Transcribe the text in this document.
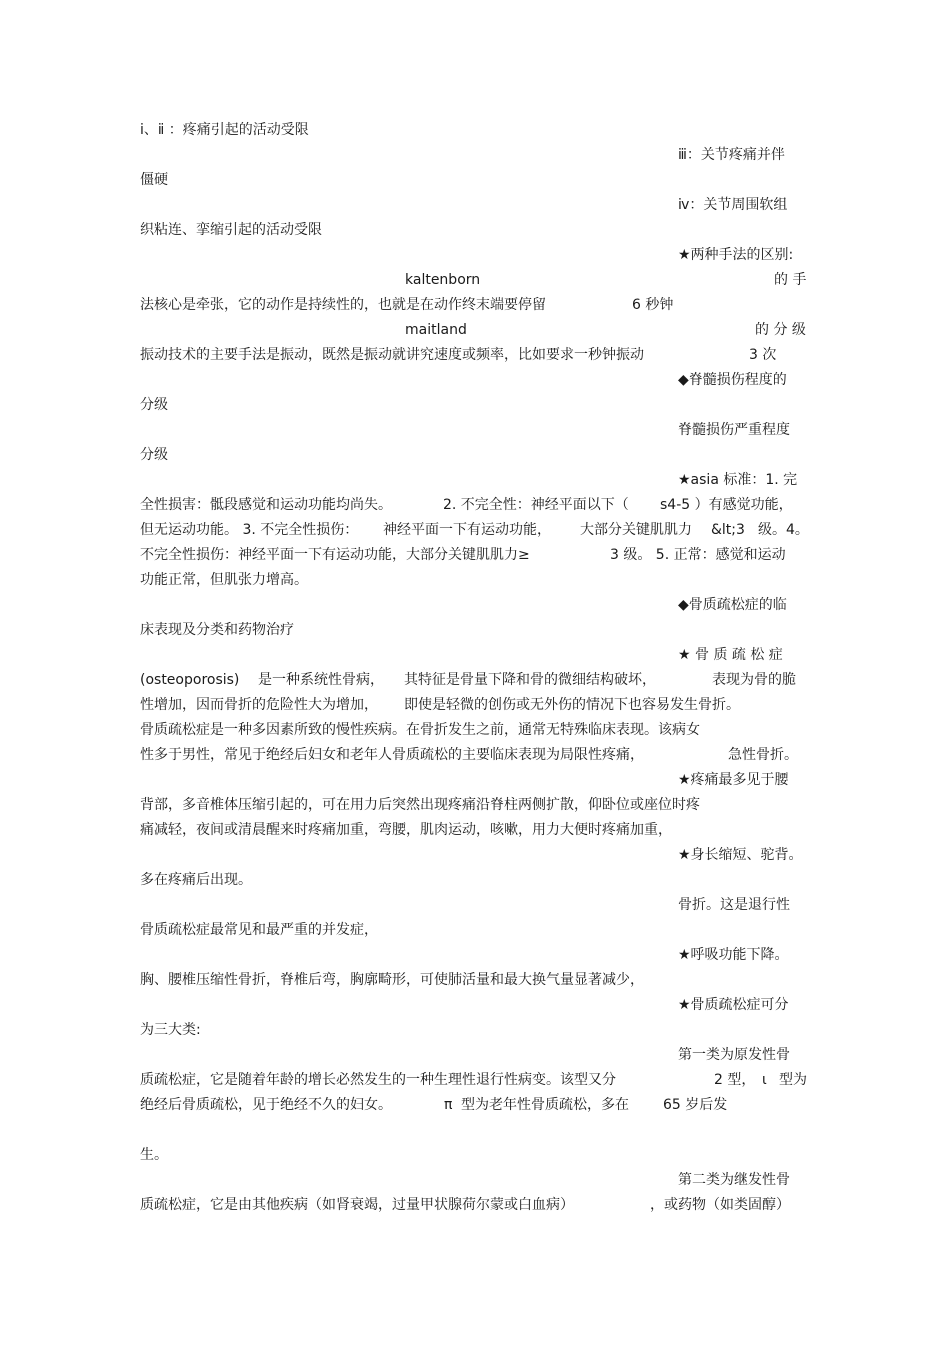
ⅰ、ⅱ ：疼痛引起的活动受限
ⅲ：关节疼痛并伴
僵硬
ⅳ：关节周围软组
织粘连、挛缩引起的活动受限
★两种手法的区别:
kaltenborn	的 手
法核心是牵张，它的动作是持续性的，也就是在动作终末端要停留	6 秒钟
maitland	的 分 级
振动技术的主要手法是振动，既然是振动就讲究速度或频率，比如要求一秒钟振动	3 次
◆脊髓损伤程度的
分级
脊髓损伤严重程度
分级
★asia 标准：1. 完
全性损害：骶段感觉和运动功能均尚失。	2. 不完全性：神经平面以下（ s4-5 ）有感觉功能，
但无运动功能。 3. 不完全性损伤： 神经平面一下有运动功能， 大部分关键肌肌力 &lt;3 级。4。
不完全性损伤：神经平面一下有运动功能，大部分关键肌肌力≥	3 级。 5. 正常：感觉和运动
功能正常，但肌张力增高。
◆骨质疏松症的临
床表现及分类和药物治疗
★ 骨 质 疏 松 症
(osteoporosis) 是一种系统性骨病， 其特征是骨量下降和骨的微细结构破坏，	表现为骨的脆
性增加，因而骨折的危险性大为增加， 即使是轻微的创伤或无外伤的情况下也容易发生骨折。
骨质疏松症是一种多因素所致的慢性疾病。在骨折发生之前，通常无特殊临床表现。该病女
性多于男性，常见于绝经后妇女和老年人骨质疏松的主要临床表现为局限性疼痛，	急性骨折。
★疼痛最多见于腰
背部，多音椎体压缩引起的，可在用力后突然出现疼痛沿脊柱两侧扩散，仰卧位或座位时疼
痛减轻，夜间或清晨醒来时疼痛加重，弯腰，肌肉运动，咳嗽，用力大便时疼痛加重，
★身长缩短、驼背。
多在疼痛后出现。
骨折。这是退行性
骨质疏松症最常见和最严重的并发症，
★呼吸功能下降。
胸、腰椎压缩性骨折，脊椎后弯，胸廓畸形，可使肺活量和最大换气量显著减少，
★骨质疏松症可分
为三大类:
第一类为原发性骨
质疏松症，它是随着年龄的增长必然发生的一种生理性退行性病变。该型又分	2 型， ι 型为
绝经后骨质疏松，见于绝经不久的妇女。	π 型为老年性骨质疏松，多在 65 岁后发
生。
第二类为继发性骨
质疏松症，它是由其他疾病（如肾衰竭，过量甲状腺荷尔蒙或白血病）	，或药物（如类固醇）
